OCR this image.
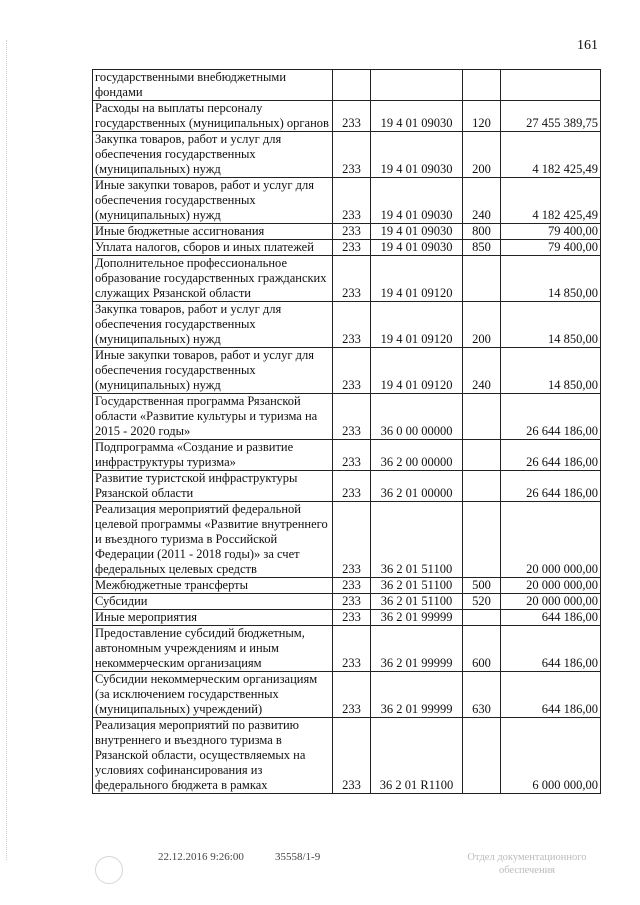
161
государственными внебюджетными фондами				
Расходы на выплаты персоналу государственных (муниципальных) органов	233	19 4 01 09030	120	27 455 389,75
Закупка товаров, работ и услуг для обеспечения государственных (муниципальных) нужд	233	19 4 01 09030	200	4 182 425,49
Иные закупки товаров, работ и услуг для обеспечения государственных (муниципальных) нужд	233	19 4 01 09030	240	4 182 425,49
Иные бюджетные ассигнования	233	19 4 01 09030	800	79 400,00
Уплата налогов, сборов и иных платежей	233	19 4 01 09030	850	79 400,00
Дополнительное профессиональное образование государственных гражданских служащих Рязанской области	233	19 4 01 09120		14 850,00
Закупка товаров, работ и услуг для обеспечения государственных (муниципальных) нужд	233	19 4 01 09120	200	14 850,00
Иные закупки товаров, работ и услуг для обеспечения государственных (муниципальных) нужд	233	19 4 01 09120	240	14 850,00
Государственная программа Рязанской области «Развитие культуры и туризма на 2015 - 2020 годы»	233	36 0 00 00000		26 644 186,00
Подпрограмма «Создание и развитие инфраструктуры туризма»	233	36 2 00 00000		26 644 186,00
Развитие туристской инфраструктуры Рязанской области	233	36 2 01 00000		26 644 186,00
Реализация мероприятий федеральной целевой программы «Развитие внутреннего и въездного туризма в Российской Федерации (2011 - 2018 годы)» за счет федеральных целевых средств	233	36 2 01 51100		20 000 000,00
Межбюджетные трансферты	233	36 2 01 51100	500	20 000 000,00
Субсидии	233	36 2 01 51100	520	20 000 000,00
Иные мероприятия	233	36 2 01 99999		644 186,00
Предоставление субсидий бюджетным, автономным учреждениям и иным некоммерческим организациям	233	36 2 01 99999	600	644 186,00
Субсидии некоммерческим организациям (за исключением государственных (муниципальных) учреждений)	233	36 2 01 99999	630	644 186,00
Реализация мероприятий по развитию внутреннего и въездного туризма в Рязанской области, осуществляемых на условиях софинансирования из федерального бюджета в рамках	233	36 2 01 R1100		6 000 000,00
22.12.2016 9:26:00	35558/1-9	Отдел документационного обеспечения
